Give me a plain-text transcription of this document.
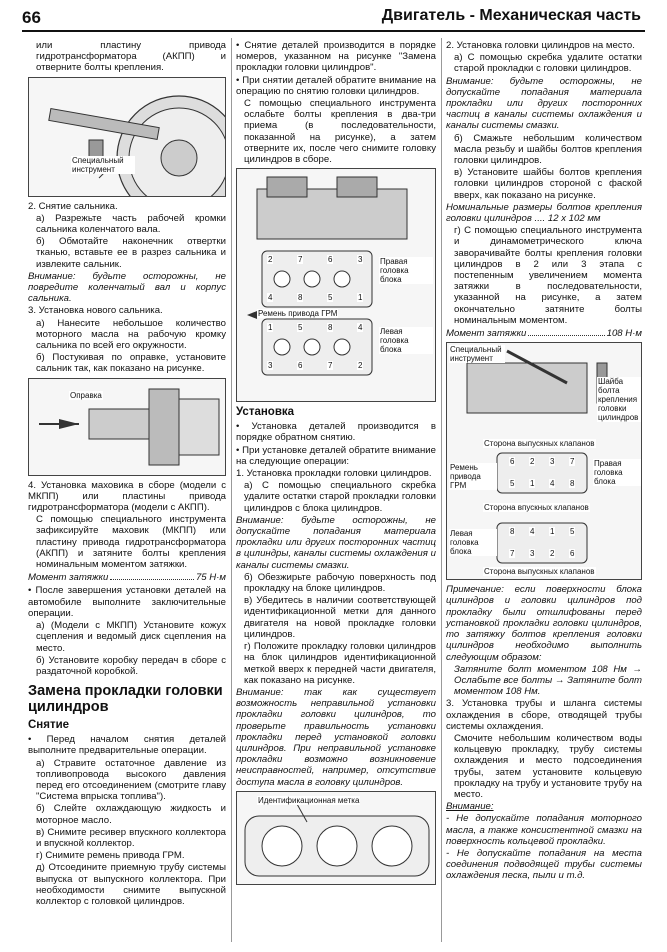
66	Двигатель - Механическая часть

или пластину привода гидротрансформатора (АКПП) и отверните болты крепления.

Специальный инструмент

2. Снятие сальника.

а) Разрежьте часть рабочей кромки сальника коленчатого вала.

б) Обмотайте наконечник отвертки тканью, вставьте ее в разрез сальника и извлеките сальник.

Внимание: будьте осторожны, не повредите коленчатый вал и корпус сальника.

3. Установка нового сальника.

а) Нанесите небольшое количество моторного масла на рабочую кромку сальника по всей его окружности.

б) Постукивая по оправке, установите сальник так, как показано на рисунке.

Оправка

4. Установка маховика в сборе (модели с МКПП) или пластины привода гидротрансформатора (модели с АКПП).

С помощью специального инструмента зафиксируйте маховик (МКПП) или пластину привода гидротрансформатора (АКПП) и затяните болты крепления номинальным моментом затяжки.

Момент затяжки	75 Н·м

• После завершения установки деталей на автомобиле выполните заключительные операции.

а) (Модели с МКПП) Установите кожух сцепления и ведомый диск сцепления на место.

б) Установите коробку передач в сборе с раздаточной коробкой.

Замена прокладки головки цилиндров
Снятие

• Перед началом снятия деталей выполните предварительные операции.

а) Стравите остаточное давление из топливопровода высокого давления перед его отсоединением (смотрите главу "Система впрыска топлива").

б) Слейте охлаждающую жидкость и моторное масло.

в) Снимите ресивер впускного коллектора и впускной коллектор.

г) Снимите ремень привода ГРМ.

д) Отсоедините приемную трубу системы выпуска от выпускного коллектора. При необходимости снимите выпускной коллектор с головкой цилиндров.

• Снятие деталей производится в порядке номеров, указанном на рисунке "Замена прокладки головки цилиндров".

• При снятии деталей обратите внимание на операцию по снятию головки цилиндров.

С помощью специального инструмента ослабьте болты крепления в два-три приема (в последовательности, показанной на рисунке), а затем отверните их, после чего снимите головку цилиндров в сборе.

2	7	6	3
4	8	5	1
1	5	8	4
3	6	7	2
Правая головка блока
Ремень привода ГРМ
Левая головка блока
Установка

• Установка деталей производится в порядке обратном снятию.

• При установке деталей обратите внимание на следующие операции:

1. Установка прокладки головки цилиндров.

а) С помощью специального скребка удалите остатки старой прокладки головки цилиндров с блока цилиндров.

Внимание: будьте осторожны, не допускайте попадания материала прокладки или других посторонних частиц в цилиндры, каналы системы охлаждения и каналы системы смазки.

б) Обезжирьте рабочую поверхность под прокладку на блоке цилиндров.

в) Убедитесь в наличии соответствующей идентификационной метки для данного двигателя на новой прокладке головки цилиндров.

г) Положите прокладку головки цилиндров на блок цилиндров идентификационной меткой вверх к передней части двигателя, как показано на рисунке.

Внимание: так как существует возможность неправильной установки прокладки головки цилиндров, то проверьте правильность установки прокладки перед установкой головки цилиндров. При неправильной установке прокладки возможно возникновение неисправностей, например, отсутствие доступа масла в головку цилиндров.

Идентификационная метка

2. Установка головки цилиндров на место.

а) С помощью скребка удалите остатки старой прокладки с головки цилиндров.

Внимание: будьте осторожны, не допускайте попадания материала прокладки или других посторонних частиц в каналы системы охлаждения и каналы системы смазки.

б) Смажьте небольшим количеством масла резьбу и шайбы болтов крепления головки цилиндров.

в) Установите шайбы болтов крепления головки цилиндров стороной с фаской вверх, как показано на рисунке.

Номинальные размеры болтов крепления головки цилиндров .... 12 x 102 мм

г) С помощью специального инструмента и динамометрического ключа заворачивайте болты крепления головки цилиндров в 2 или 3 этапа с постепенным увеличением момента затяжки в последовательности, указанной на рисунке, а затем окончательно затяните болты номинальным моментом.

Момент затяжки	108 Н·м
Специальный инструмент
Шайба болта крепления головки цилиндров
Сторона выпускных клапанов
Ремень привода ГРМ
Правая головка блока
Сторона впускных клапанов
Левая головка блока
Сторона выпускных клапанов
6 2 3 7
5 1 4 8
8 4 1 5
7 3 2 6

Примечание: если поверхности блока цилиндров и головки цилиндров под прокладку были отшлифованы перед установкой прокладки головки цилиндров, то затяжку болтов крепления головки цилиндров необходимо выполнить следующим образом:

Затяните болт моментом 108 Нм → Ослабьте все болты → Затяните болт моментом 108 Нм.

3. Установка трубы и шланга системы охлаждения в сборе, отводящей трубы системы охлаждения.

Смочите небольшим количеством воды кольцевую прокладку, трубу системы охлаждения и место подсоединения трубы, затем установите кольцевую прокладку на трубу и установите трубу на место.

Внимание:

- Не допускайте попадания моторного масла, а также консистентной смазки на поверхность кольцевой прокладки.

- Не допускайте попадания на места соединения подводящей трубы системы охлаждения песка, пыли и т.д.
